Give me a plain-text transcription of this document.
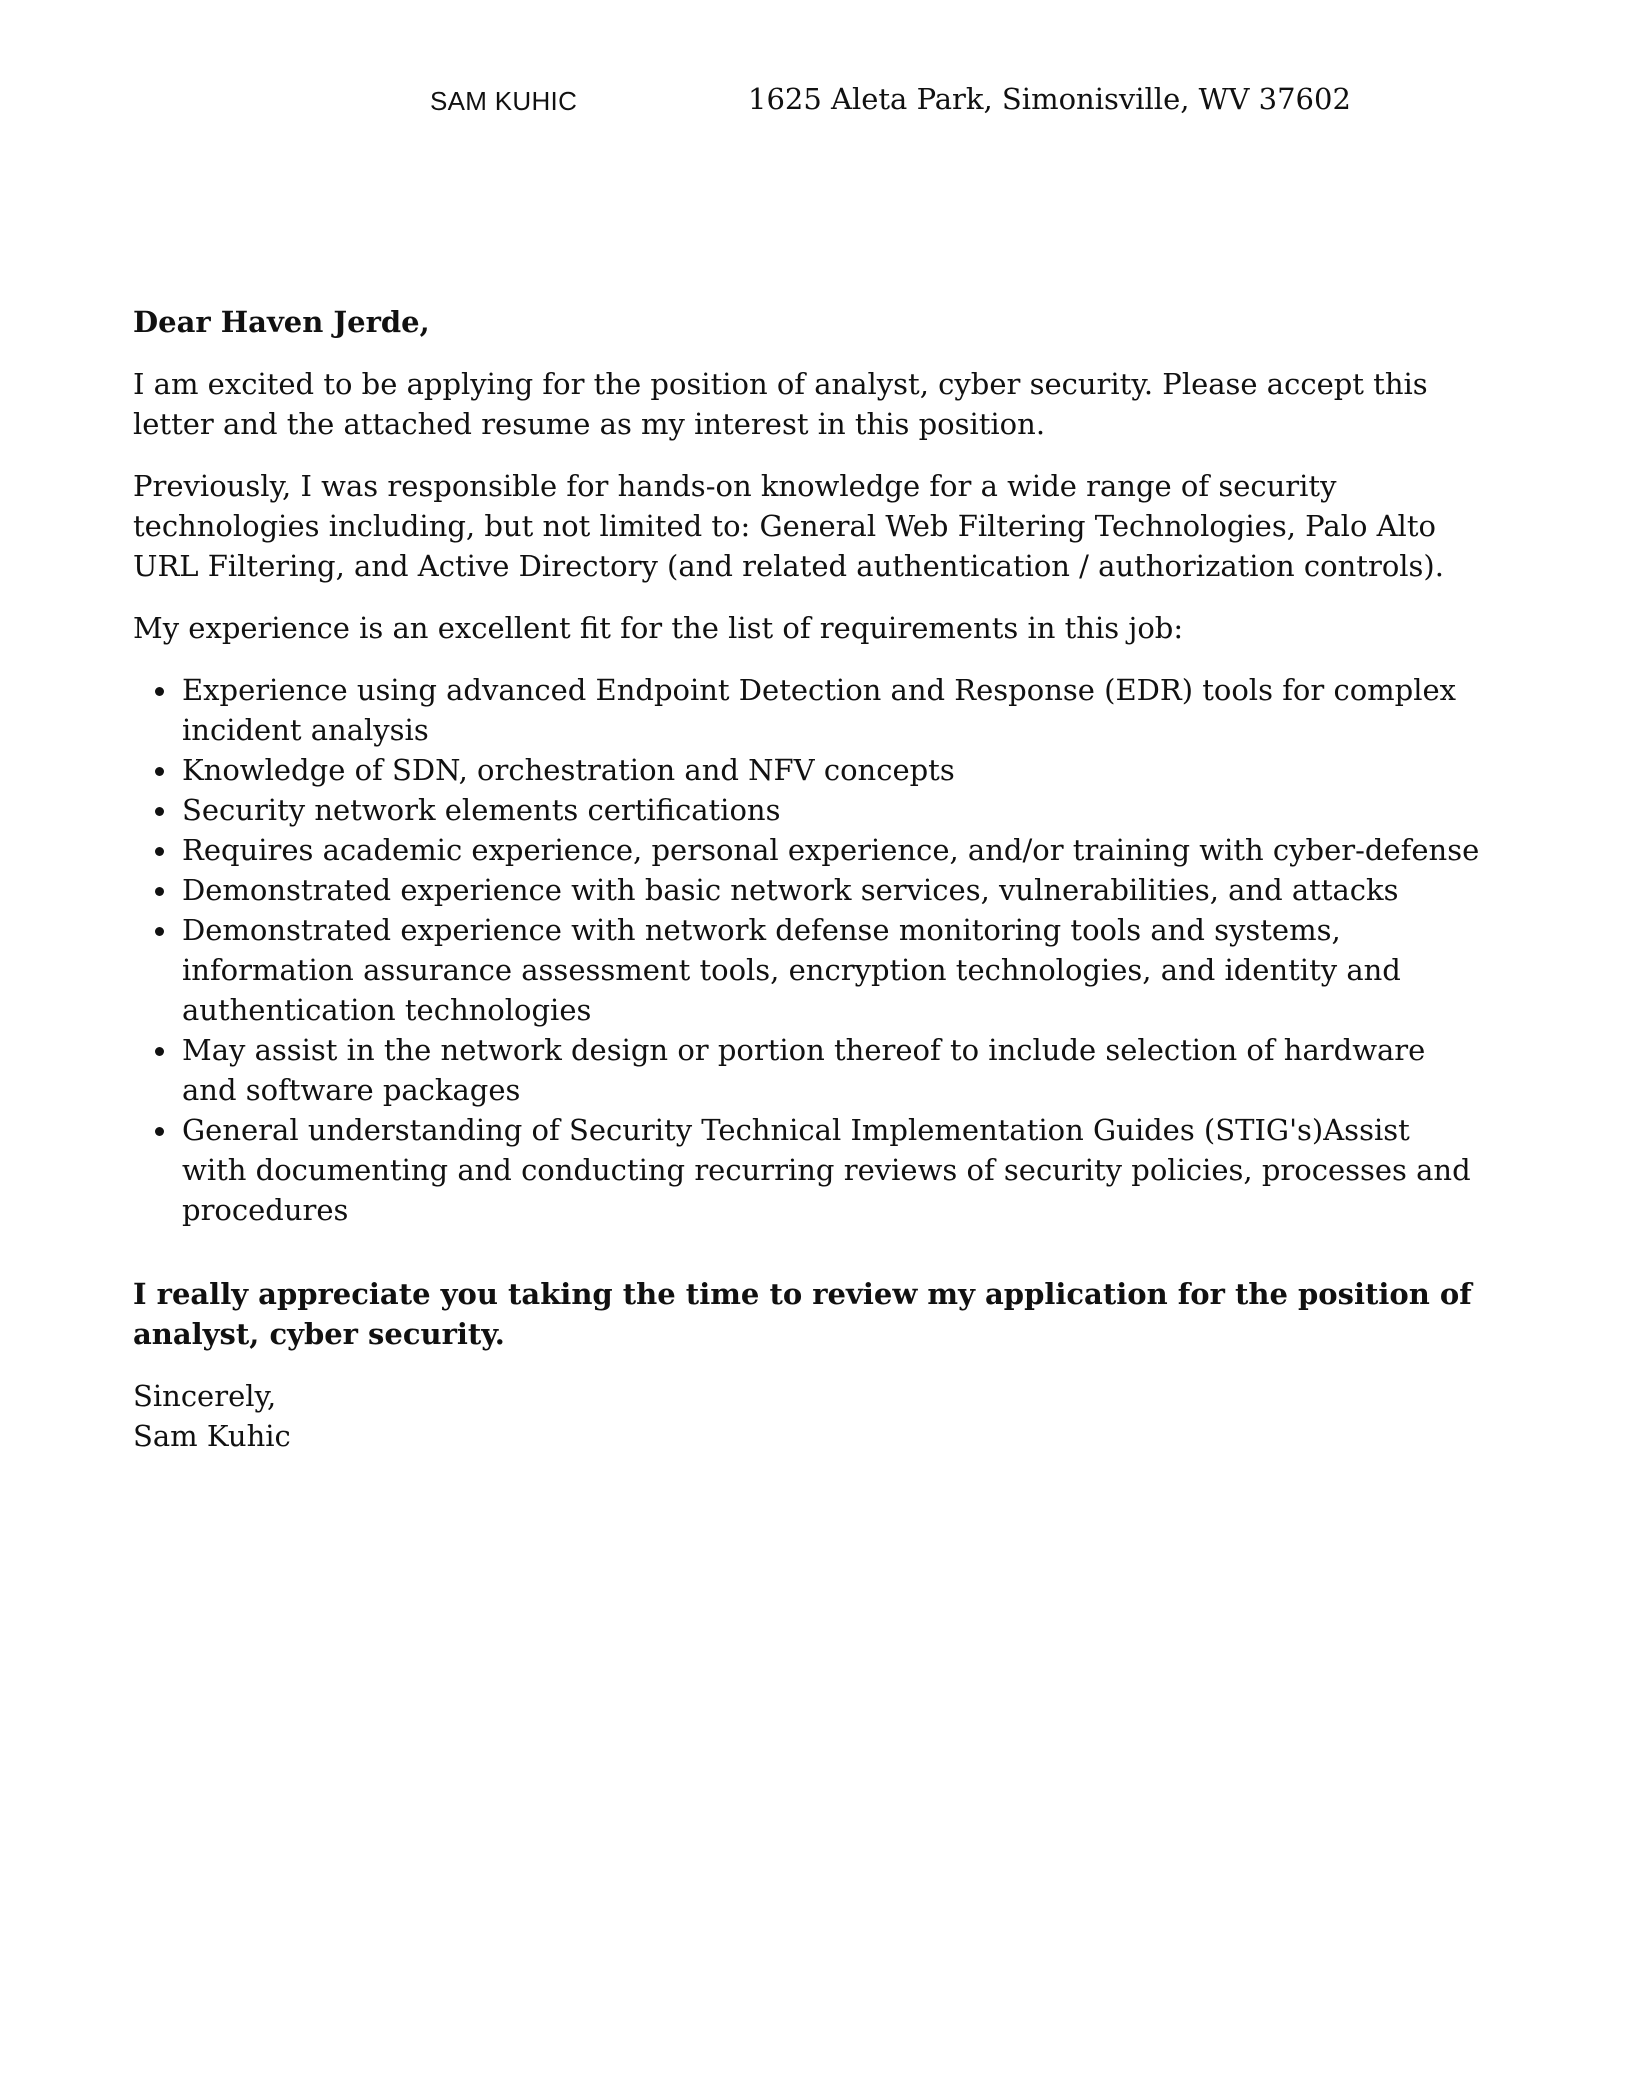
SAM KUHIC	1625 Aleta Park, Simonisville, WV 37602

Dear Haven Jerde,

I am excited to be applying for the position of analyst, cyber security. Please accept this letter and the attached resume as my interest in this position.

Previously, I was responsible for hands-on knowledge for a wide range of security technologies including, but not limited to: General Web Filtering Technologies, Palo Alto URL Filtering, and Active Directory (and related authentication / authorization controls).

My experience is an excellent fit for the list of requirements in this job:

Experience using advanced Endpoint Detection and Response (EDR) tools for complex incident analysis
Knowledge of SDN, orchestration and NFV concepts
Security network elements certifications
Requires academic experience, personal experience, and/or training with cyber-defense
Demonstrated experience with basic network services, vulnerabilities, and attacks
Demonstrated experience with network defense monitoring tools and systems, information assurance assessment tools, encryption technologies, and identity and authentication technologies
May assist in the network design or portion thereof to include selection of hardware and software packages
General understanding of Security Technical Implementation Guides (STIG's)Assist with documenting and conducting recurring reviews of security policies, processes and procedures

I really appreciate you taking the time to review my application for the position of analyst, cyber security.

Sincerely,
Sam Kuhic
